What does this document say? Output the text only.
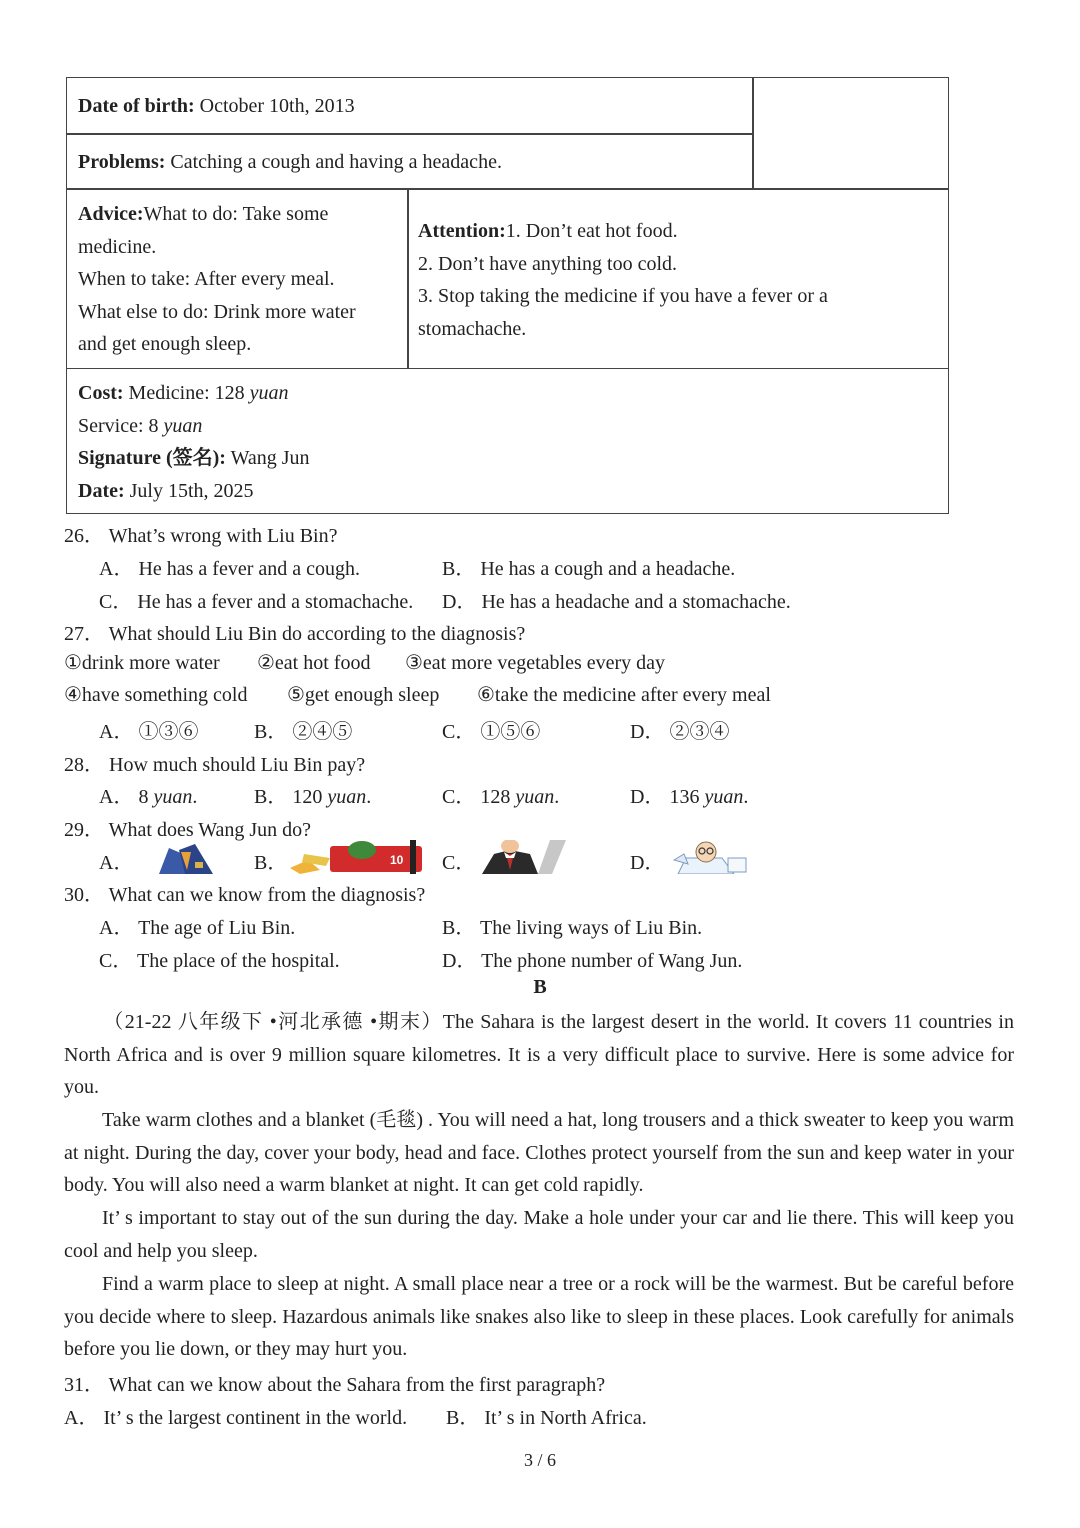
Date of birth: October 10th, 2013
Problems: Catching a cough and having a headache.
Advice:What to do: Take some
medicine.
When to take: After every meal.
What else to do: Drink more water
and get enough sleep.
Attention:1. Don’t eat hot food.
2. Don’t have anything too cold.
3. Stop taking the medicine if you have a fever or a
stomachache.
Cost: Medicine: 128 yuan
Service: 8 yuan
Signature (签名): Wang Jun
Date: July 15th, 2025
26． What’s wrong with Liu Bin?
A． He has a fever and a cough.	B． He has a cough and a headache.
C． He has a fever and a stomachache. D． He has a headache and a stomachache.
27． What should Liu Bin do according to the diagnosis?
①drink more water ②eat hot food ③eat more vegetables every day
④have something cold ⑤get enough sleep ⑥take the medicine after every meal
A． ①③⑥	B． ②④⑤	C． ①⑤⑥	D． ②③④
28． How much should Liu Bin pay?
A． 8 yuan.	B． 120 yuan.	C． 128 yuan.	D． 136 yuan.
29． What does Wang Jun do?
A．	B．	10 C．	D．
30． What can we know from the diagnosis?
A． The age of Liu Bin.	B． The living ways of Liu Bin.
C． The place of the hospital.	D． The phone number of Wang Jun.
B
（21-22 八年级下 •河北承德 •期末）The Sahara is the largest desert in the world. It covers 11 countries in North Africa and is over 9 million square kilometres. It is a very difficult place to survive. Here is some advice for you.
Take warm clothes and a blanket (毛毯) . You will need a hat, long trousers and a thick sweater to keep you warm at night. During the day, cover your body, head and face. Clothes protect yourself from the sun and keep water in your body. You will also need a warm blanket at night. It can get cold rapidly.
It’ s important to stay out of the sun during the day. Make a hole under your car and lie there. This will keep you cool and help you sleep.
Find a warm place to sleep at night. A small place near a tree or a rock will be the warmest. But be careful before you decide where to sleep. Hazardous animals like snakes also like to sleep in these places. Look carefully for animals before you lie down, or they may hurt you.
31． What can we know about the Sahara from the first paragraph?
A． It’ s the largest continent in the world. B． It’ s in North Africa.
3 / 6
